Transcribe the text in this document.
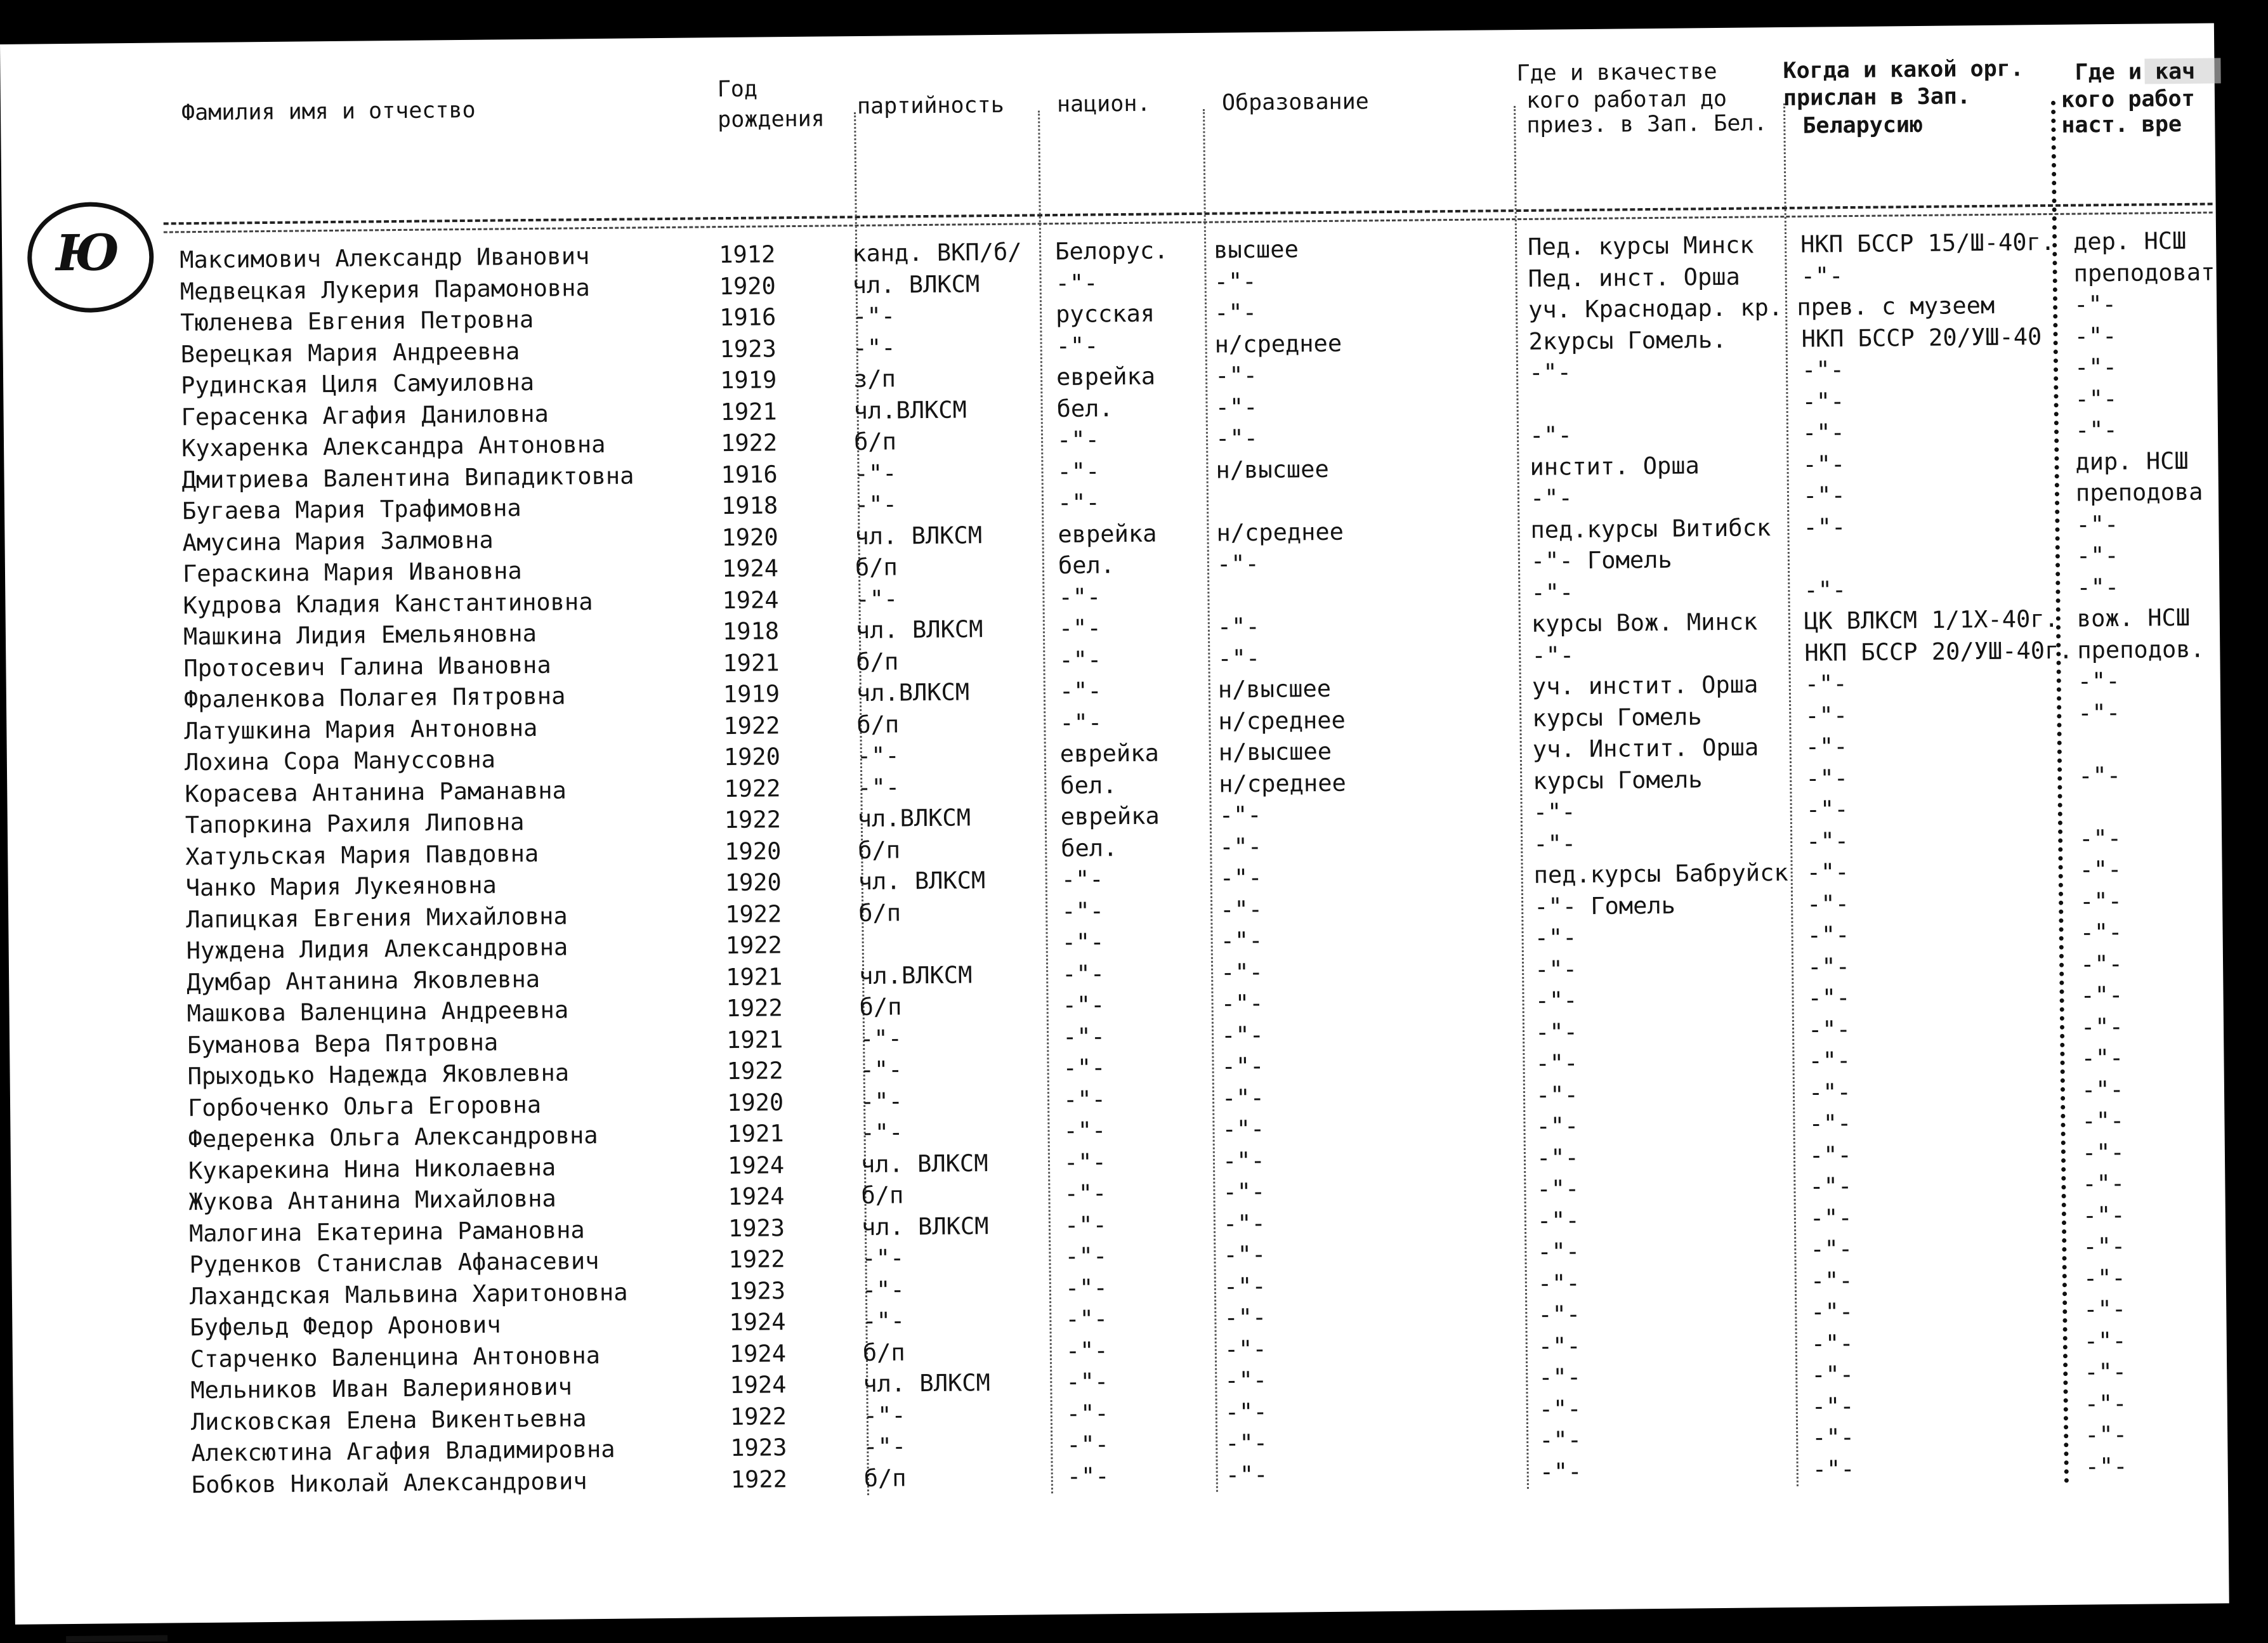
Ю
Фамилия имя и отчество
Год рождения
партийность национ.	Образование
Где и вкачестве
кого работал до
приез. в Зап. Бел.
Когда и какой орг.
прислан в Зап.
Беларусию
Где и кач
кого работ
наст. вре
Максимович Александр Иванович	1912	канд. ВКП/б/ Белорус. высшее	Пед. курсы Минск НКП БССР 15/Ш-40г. дер. НСШ
Медвецкая Лукерия Парамоновна	1920	чл. ВЛКСМ	-"-	-"-	Пед. инст. Орша	-"-	преподоват
Тюленева Евгения Петровна	1916	-"-	русская	-"-	уч. Краснодар. кр. прев. с музеем	-"-
Верецкая Мария Андреевна	1923	-"-	-"-	н/среднее	2курсы Гомель.	НКП БССР 20/УШ-40 -"-
Рудинская Циля Самуиловна	1919	з/п	еврейка	-"-	-"-	-"-	-"-
Герасенка Агафия Даниловна	1921	чл.ВЛКСМ	бел.	-"-	-"-	-"-
Кухаренка Александра Антоновна	1922	б/п	-"-	-"-	-"-	-"-	-"-
Дмитриева Валентина Випадиктовна	1916	-"-	-"-	н/высшее	инстит. Орша	-"-	дир. НСШ
Бугаева Мария Трафимовна	1918	-"-	-"-	-"-	-"-	преподова
Амусина Мария Залмовна	1920	чл. ВЛКСМ	еврейка	н/среднее	пед.курсы Витибск -"-	-"-
Гераскина Мария Ивановна	1924	б/п	бел.	-"-	-"- Гомель	-"-
Кудрова Кладия Канстантиновна	1924	-"-	-"-	-"-	-"-	-"-
Машкина Лидия Емельяновна	1918	чл. ВЛКСМ	-"-	-"-	курсы Вож. Минск ЦК ВЛКСМ 1/1Х-40г. вож. НСШ
Протосевич Галина Ивановна	1921	б/п	-"-	-"-	-"-	НКП БССР 20/УШ-40г. преподов.
Фраленкова Полагея Пятровна	1919	чл.ВЛКСМ	-"-	н/высшее	уч. инстит. Орша -"-	-"-
Латушкина Мария Антоновна	1922	б/п	-"-	н/среднее	курсы Гомель	-"-	-"-
Лохина Сора Мануссовна	1920	-"-	еврейка	н/высшее	уч. Инстит. Орша -"-
Корасева Антанина Раманавна	1922	-"-	бел.	н/среднее	курсы Гомель	-"-	-"-
Тапоркина Рахиля Липовна	1922	чл.ВЛКСМ	еврейка	-"-	-"-	-"-
Хатульская Мария Павдовна	1920	б/п	бел.	-"-	-"-	-"-	-"-
Чанко Мария Лукеяновна	1920	чл. ВЛКСМ	-"-	-"-	пед.курсы Бабруйск -"-	-"-
Лапицкая Евгения Михайловна	1922	б/п	-"-	-"-	-"- Гомель	-"-	-"-
Нуждена Лидия Александровна	1922	-"-	-"-	-"-	-"-	-"-
Думбар Антанина Яковлевна	1921	чл.ВЛКСМ	-"-	-"-	-"-	-"-	-"-
Машкова Валенцина Андреевна	1922	б/п	-"-	-"-	-"-	-"-	-"-
Буманова Вера Пятровна	1921	-"-	-"-	-"-	-"-	-"-	-"-
Прыходько Надежда Яковлевна	1922	-"-	-"-	-"-	-"-	-"-	-"-
Горбоченко Ольга Егоровна	1920	-"-	-"-	-"-	-"-	-"-	-"-
Федеренка Ольга Александровна	1921	-"-	-"-	-"-	-"-	-"-	-"-
Кукарекина Нина Николаевна	1924	чл. ВЛКСМ	-"-	-"-	-"-	-"-	-"-
Жукова Антанина Михайловна	1924	б/п	-"-	-"-	-"-	-"-	-"-
Малогина Екатерина Рамановна	1923	чл. ВЛКСМ	-"-	-"-	-"-	-"-	-"-
Руденков Станислав Афанасевич	1922	-"-	-"-	-"-	-"-	-"-	-"-
Лахандская Мальвина Харитоновна	1923	-"-	-"-	-"-	-"-	-"-	-"-
Буфельд Федор Аронович	1924	-"-	-"-	-"-	-"-	-"-	-"-
Старченко Валенцина Антоновна	1924	б/п	-"-	-"-	-"-	-"-	-"-
Мельников Иван Валериянович	1924	чл. ВЛКСМ	-"-	-"-	-"-	-"-	-"-
Лисковская Елена Викентьевна	1922	-"-	-"-	-"-	-"-	-"-	-"-
Алексютина Агафия Владимировна	1923	-"-	-"-	-"-	-"-	-"-	-"-
Бобков Николай Александрович	1922	б/п	-"-	-"-	-"-	-"-	-"-
